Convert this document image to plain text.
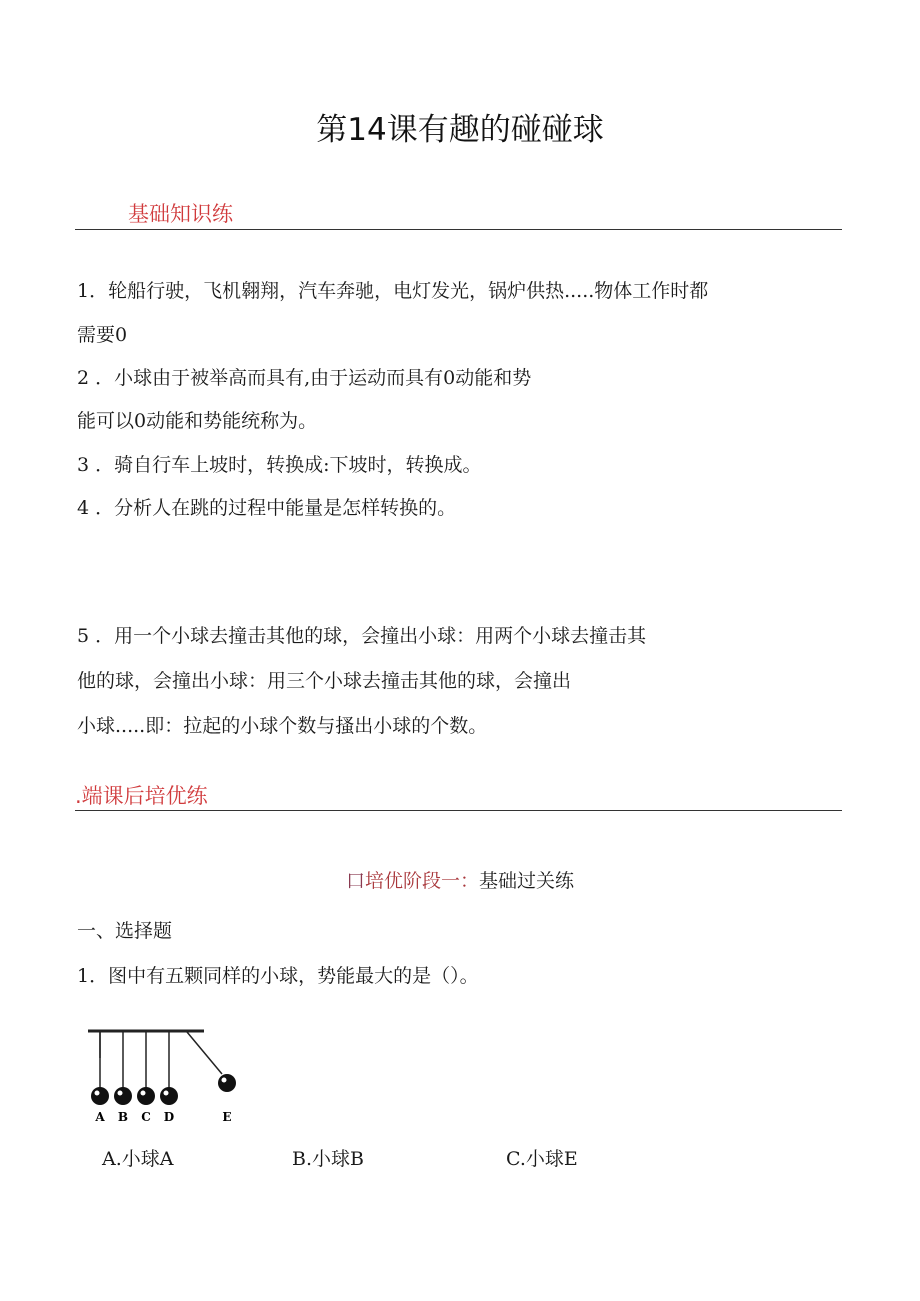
第14课有趣的碰碰球
基础知识练
1．轮船行驶，飞机翱翔，汽车奔驰，电灯发光，锅炉供热.....物体工作时都
需要0
2 ．小球由于被举高而具有,由于运动而具有0动能和势
能可以0动能和势能统称为。
3 ．骑自行车上坡时，转换成:下坡时，转换成。
4 ．分析人在跳的过程中能量是怎样转换的。
5 ．用一个小球去撞击其他的球，会撞出小球：用两个小球去撞击其
他的球，会撞出小球：用三个小球去撞击其他的球，会撞出
小球.....即：拉起的小球个数与搔出小球的个数。
.端课后培优练
口培优阶段一：基础过关练
一、选择题
1．图中有五颗同样的小球，势能最大的是（）。
A B C D	E
A.小球A	B.小球B	C.小球E
